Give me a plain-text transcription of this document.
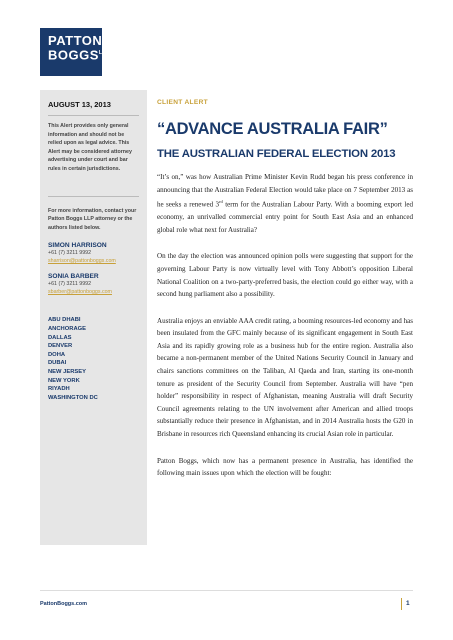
PATTON
$BOGGS^{LLP}$
AUGUST 13, 2013
This Alert provides only general information and should not be relied upon as legal advice. This Alert may be considered attorney advertising under court and bar rules in certain jurisdictions.
For more information, contact your Patton Boggs LLP attorney or the authors listed below.
SIMON HARRISON
+61 (7) 3211 9992
sharrison@pattonboggs.com
SONIA BARBER
+61 (7) 3211 9992
sbarber@pattonboggs.com
ABU DHABI
ANCHORAGE
DALLAS
DENVER
DOHA
DUBAI
NEW JERSEY
NEW YORK
RIYADH
WASHINGTON DC
CLIENT ALERT
“ADVANCE AUSTRALIA FAIR”
THE AUSTRALIAN FEDERAL ELECTION 2013

“It’s on,” was how Australian Prime Minister Kevin Rudd began his press conference in announcing that the Australian Federal Election would take place on 7 September 2013 as he seeks a renewed 3rd term for the Australian Labour Party. With a booming export led economy, an unrivalled commercial entry point for South East Asia and an enhanced global role what next for Australia?

On the day the election was announced opinion polls were suggesting that support for the governing Labour Party is now virtually level with Tony Abbott’s opposition Liberal National Coalition on a two-party-preferred basis, the election could go either way, with a second hung parliament also a possibility.

Australia enjoys an enviable AAA credit rating, a booming resources-led economy and has been insulated from the GFC mainly because of its significant engagement in South East Asia and its rapidly growing role as a business hub for the entire region. Australia also became a non-permanent member of the United Nations Security Council in January and chairs sanctions committees on the Taliban, Al Qaeda and Iran, starting its one-month tenure as president of the Security Council from September. Australia will have “pen holder” responsibility in respect of Afghanistan, meaning Australia will draft Security Council agreements relating to the UN involvement after American and allied troops substantially reduce their presence in Afghanistan, and in 2014 Australia hosts the G20 in Brisbane in resources rich Queensland enhancing its crucial Asian role in particular.

Patton Boggs, which now has a permanent presence in Australia, has identified the following main issues upon which the election will be fought:

PattonBoggs.com	1
